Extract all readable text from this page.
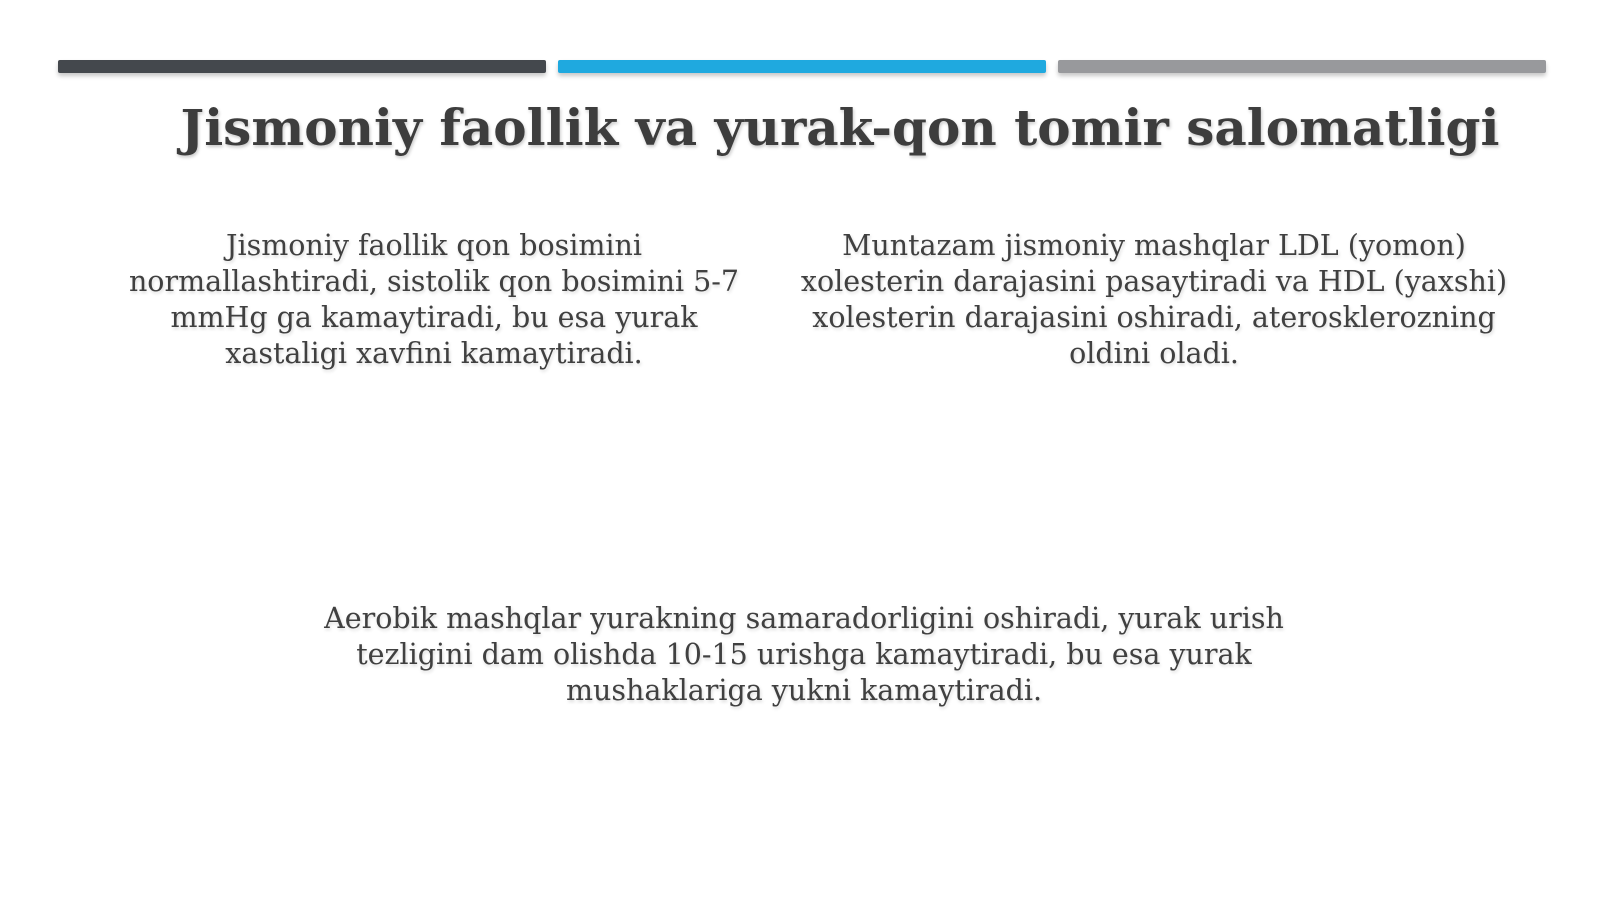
Jismoniy faollik va yurak-qon tomir salomatligi
Jismoniy faollik qon bosimini normallashtiradi, sistolik qon bosimini 5-7 mmHg ga kamaytiradi, bu esa yurak xastaligi xavfini kamaytiradi.
Muntazam jismoniy mashqlar LDL (yomon) xolesterin darajasini pasaytiradi va HDL (yaxshi) xolesterin darajasini oshiradi, aterosklerozning oldini oladi.
Aerobik mashqlar yurakning samaradorligini oshiradi, yurak urish tezligini dam olishda 10-15 urishga kamaytiradi, bu esa yurak mushaklariga yukni kamaytiradi.
